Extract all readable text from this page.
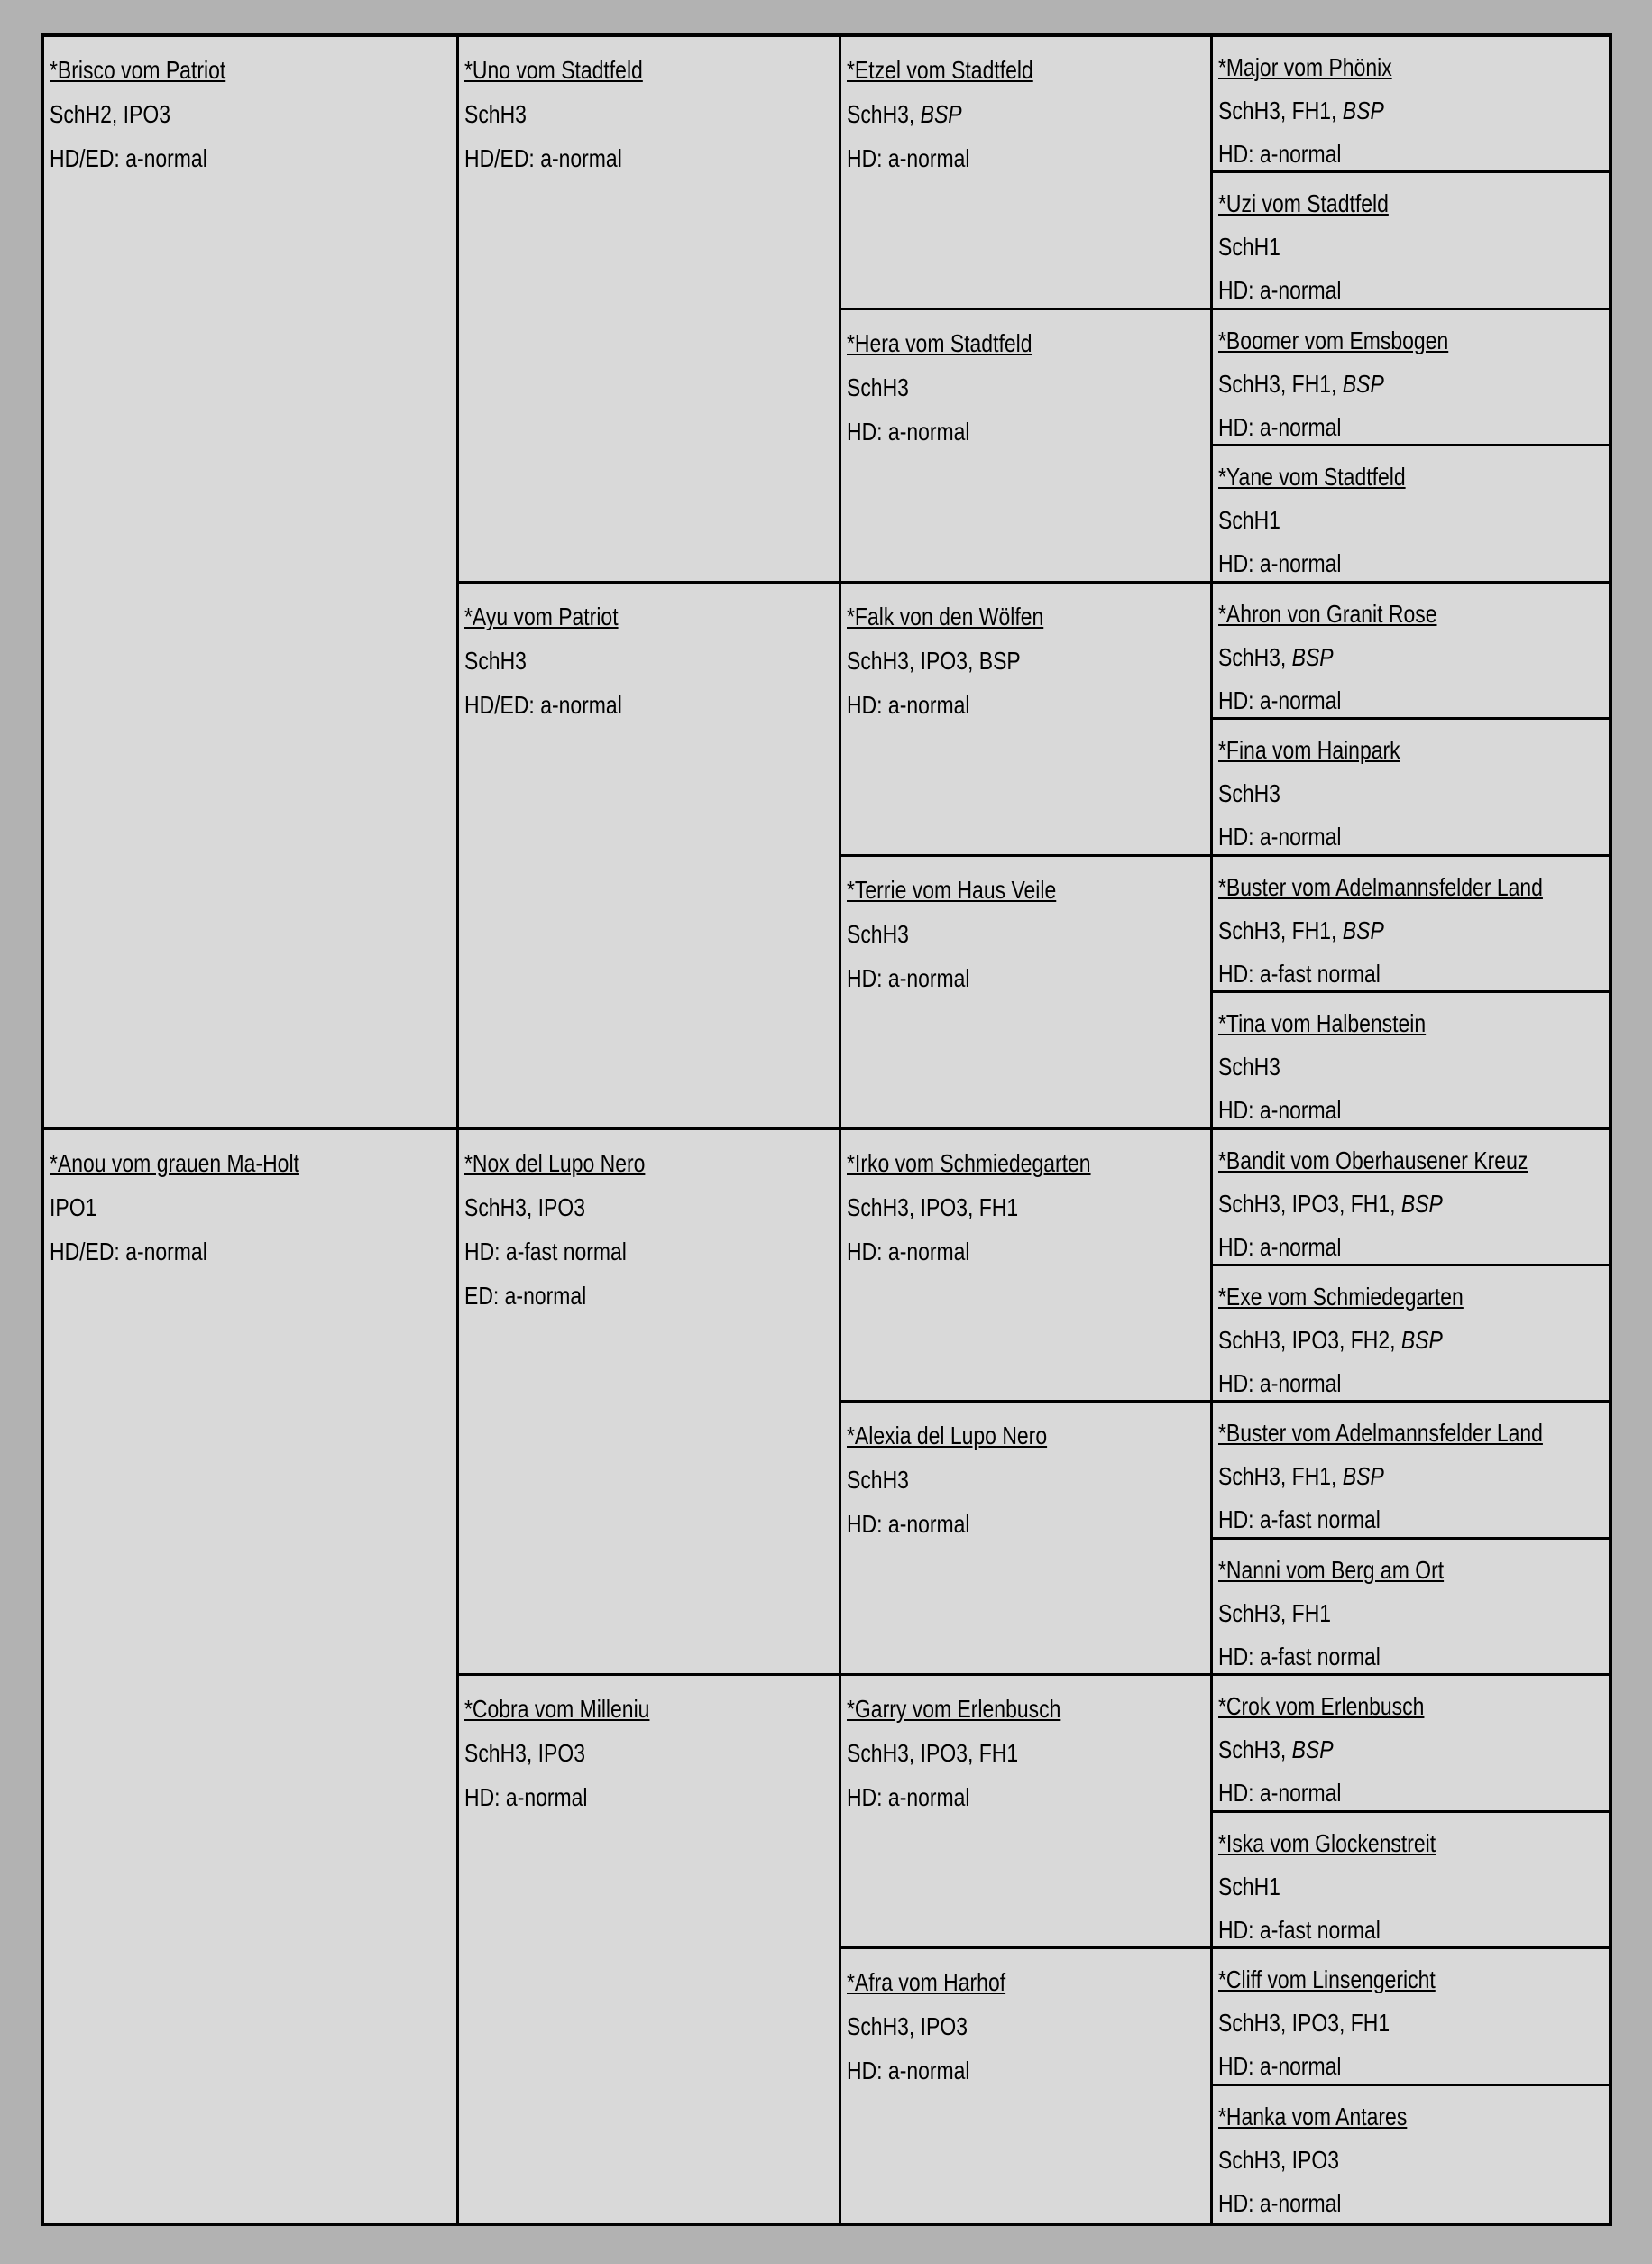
*Brisco vom Patriot
SchH2, IPO3
HD/ED: a-normal
*Anou vom grauen Ma-Holt
IPO1
HD/ED: a-normal
*Uno vom Stadtfeld
SchH3
HD/ED: a-normal
*Ayu vom Patriot
SchH3
HD/ED: a-normal
*Nox del Lupo Nero
SchH3, IPO3
HD: a-fast normal
ED: a-normal
*Cobra vom Milleniu
SchH3, IPO3
HD: a-normal
*Etzel vom Stadtfeld
SchH3, BSP
HD: a-normal
*Hera vom Stadtfeld
SchH3
HD: a-normal
*Falk von den Wölfen
SchH3, IPO3, BSP
HD: a-normal
*Terrie vom Haus Veile
SchH3
HD: a-normal
*Irko vom Schmiedegarten
SchH3, IPO3, FH1
HD: a-normal
*Alexia del Lupo Nero
SchH3
HD: a-normal
*Garry vom Erlenbusch
SchH3, IPO3, FH1
HD: a-normal
*Afra vom Harhof
SchH3, IPO3
HD: a-normal
*Major vom Phönix
SchH3, FH1, BSP
HD: a-normal
*Uzi vom Stadtfeld
SchH1
HD: a-normal
*Boomer vom Emsbogen
SchH3, FH1, BSP
HD: a-normal
*Yane vom Stadtfeld
SchH1
HD: a-normal
*Ahron von Granit Rose
SchH3, BSP
HD: a-normal
*Fina vom Hainpark
SchH3
HD: a-normal
*Buster vom Adelmannsfelder Land
SchH3, FH1, BSP
HD: a-fast normal
*Tina vom Halbenstein
SchH3
HD: a-normal
*Bandit vom Oberhausener Kreuz
SchH3, IPO3, FH1, BSP
HD: a-normal
*Exe vom Schmiedegarten
SchH3, IPO3, FH2, BSP
HD: a-normal
*Buster vom Adelmannsfelder Land
SchH3, FH1, BSP
HD: a-fast normal
*Nanni vom Berg am Ort
SchH3, FH1
HD: a-fast normal
*Crok vom Erlenbusch
SchH3, BSP
HD: a-normal
*Iska vom Glockenstreit
SchH1
HD: a-fast normal
*Cliff vom Linsengericht
SchH3, IPO3, FH1
HD: a-normal
*Hanka vom Antares
SchH3, IPO3
HD: a-normal
